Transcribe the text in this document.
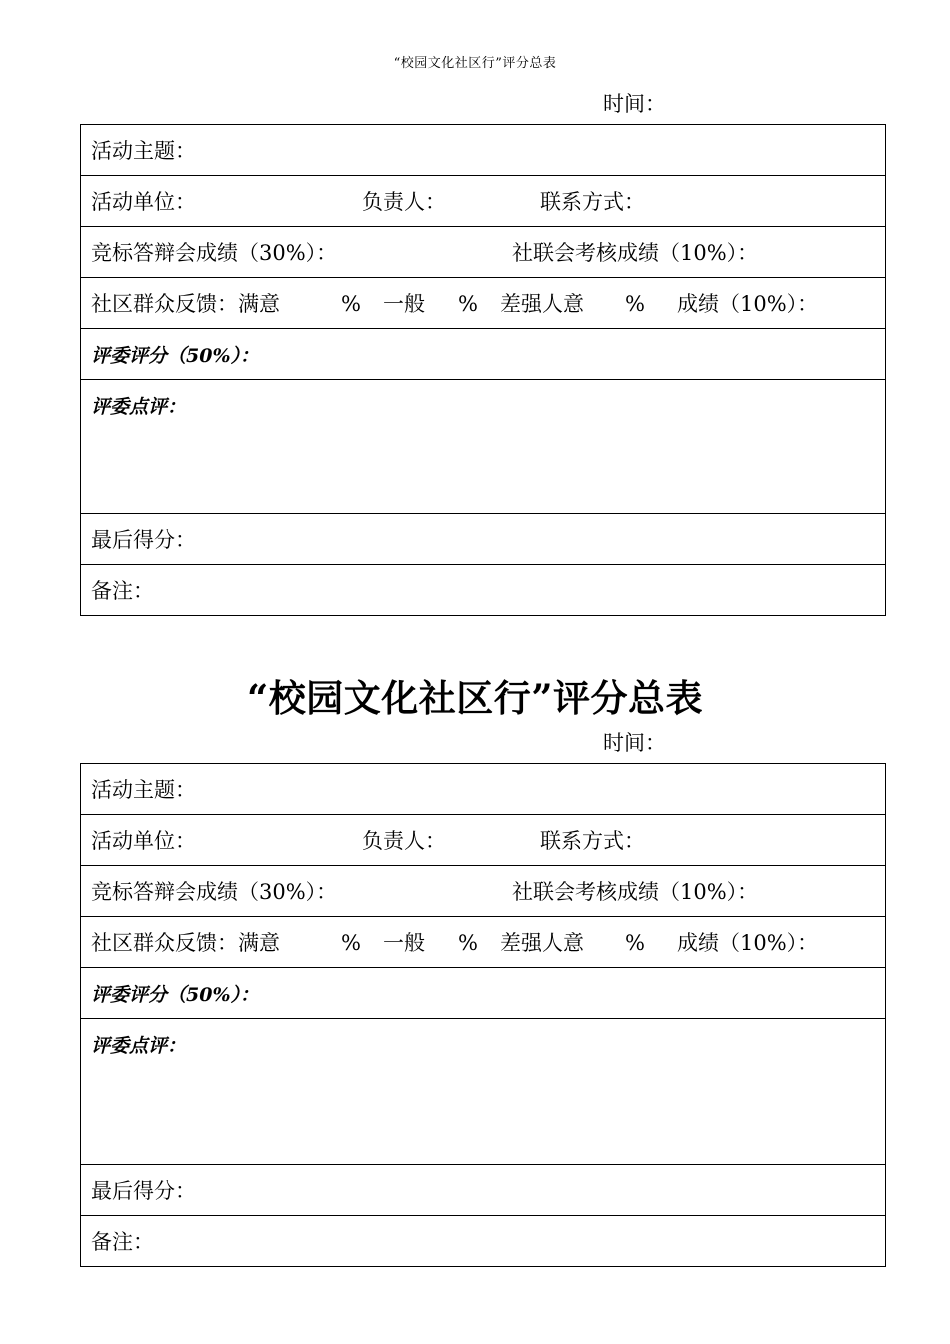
“校园文化社区行”评分总表
时间：
活动主题：
活动单位：	负责人：	联系方式：
竞标答辩会成绩（30%）：	社联会考核成绩（10%）：
社区群众反馈：满意	% 一般 % 差强人意 % 成绩（10%）：
评委评分（50%）：
评委点评：
最后得分：
备注：
“校园文化社区行”评分总表
时间：
活动主题：
活动单位：	负责人：	联系方式：
竞标答辩会成绩（30%）：	社联会考核成绩（10%）：
社区群众反馈：满意	% 一般 % 差强人意 % 成绩（10%）：
评委评分（50%）：
评委点评：
最后得分：
备注：
